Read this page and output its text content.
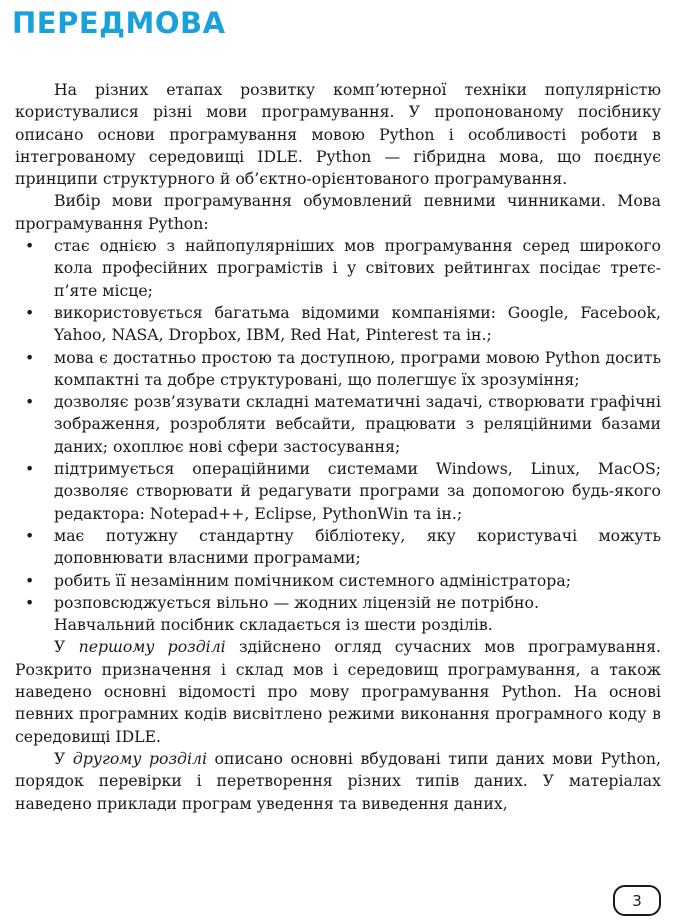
ПЕРЕДМОВА

На різних етапах розвитку комп’ютерної техніки популярністю користувалися різні мови програмування. У пропонованому посібнику описано основи програмування мовою Python і особливості роботи в інтегрованому середовищі IDLE. Python — гібридна мова, що поєднує принципи структурного й об’єктно-орієнтованого програмування.

Вибір мови програмування обумовлений певними чинниками. Мова програмування Python:

• стає однією з найпопулярніших мов програмування серед широкого кола професійних програмістів і у світових рейтингах посідає третє-п’яте місце;
• використовується багатьма відомими компаніями: Google, Facebook, Yahoo, NASA, Dropbox, IBM, Red Hat, Pinterest та ін.;
• мова є достатньо простою та доступною, програми мовою Python досить компактні та добре структуровані, що полегшує їх зрозуміння;
• дозволяє розв’язувати складні математичні задачі, створювати графічні зображення, розробляти вебсайти, працювати з реляційними базами даних; охоплює нові сфери застосування;
• підтримується операційними системами Windows, Linux, MacOS; дозволяє створювати й редагувати програми за допомогою будь-якого редактора: Notepad++, Eclipse, PythonWin та ін.;
• має потужну стандартну бібліотеку, яку користувачі можуть доповнювати власними програмами;
• робить її незамінним помічником системного адміністратора;
• розповсюджується вільно — жодних ліцензій не потрібно.

Навчальний посібник складається із шести розділів.

У першому розділі здійснено огляд сучасних мов програмування. Розкрито призначення і склад мов і середовищ програмування, а також наведено основні відомості про мову програмування Python. На основі певних програмних кодів висвітлено режими виконання програмного коду в середовищі IDLE.

У другому розділі описано основні вбудовані типи даних мови Python, порядок перевірки і перетворення різних типів даних. У матеріалах наведено приклади програм уведення та виведення даних,

3
